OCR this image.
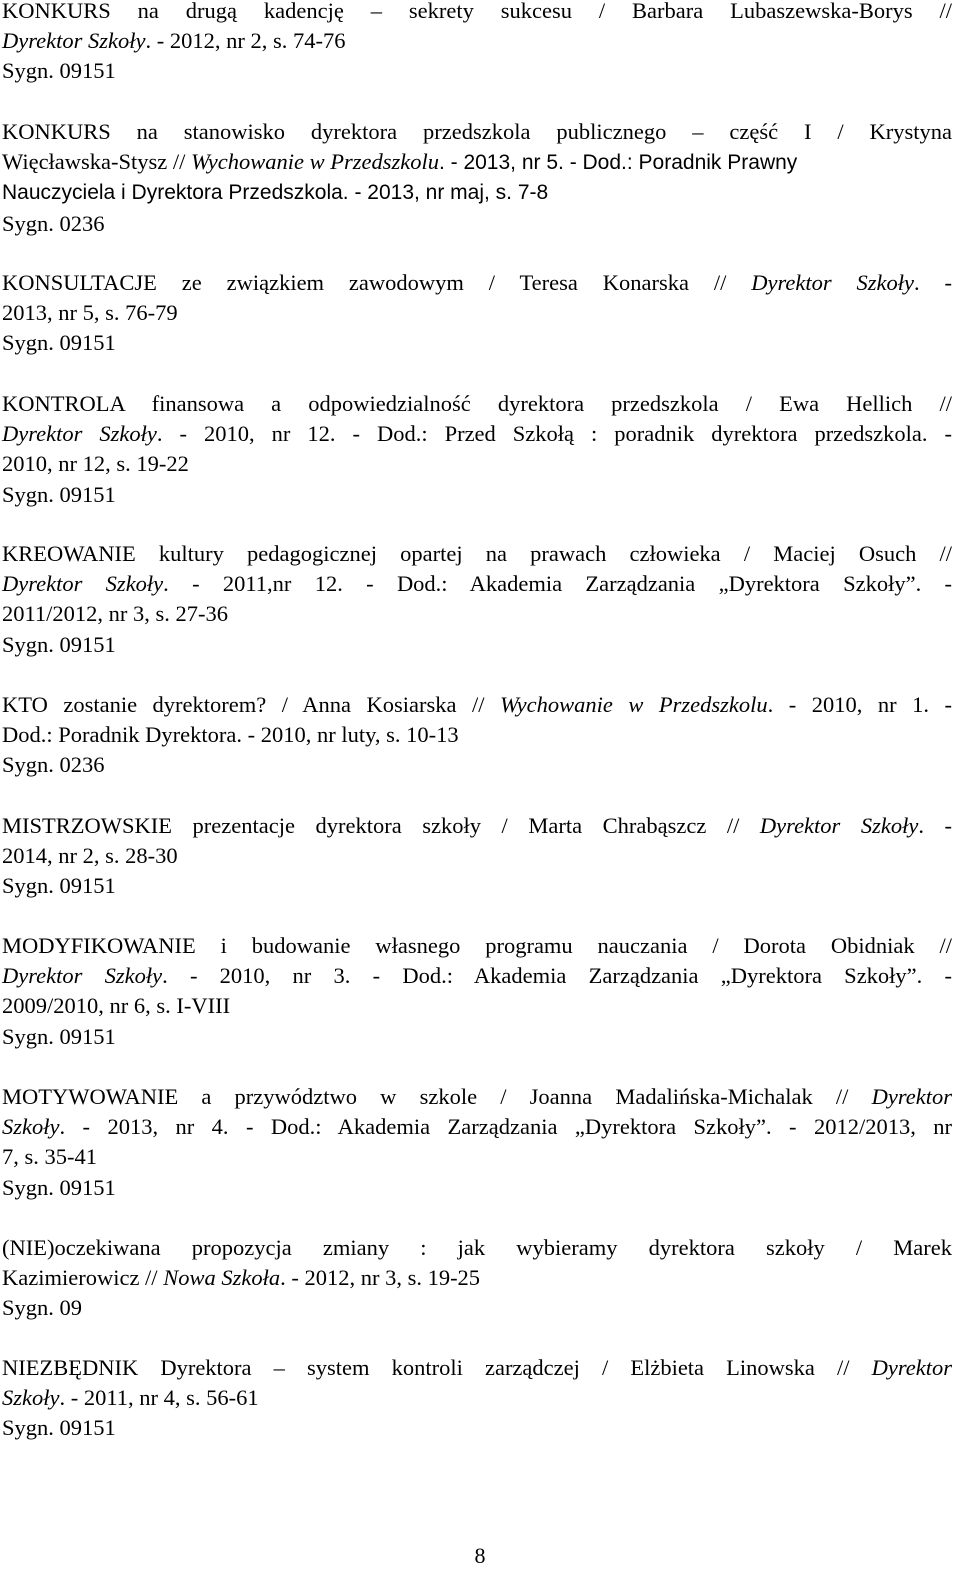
KONKURS na drugą kadencję – sekrety sukcesu / Barbara Lubaszewska-Borys //
Dyrektor Szkoły. - 2012, nr 2, s. 74-76
Sygn. 09151
KONKURS na stanowisko dyrektora przedszkola publicznego – część I / Krystyna
Więcławska-Stysz // Wychowanie w Przedszkolu. - 2013, nr 5. - Dod.: Poradnik Prawny
Nauczyciela i Dyrektora Przedszkola. - 2013, nr maj, s. 7-8
Sygn. 0236
KONSULTACJE ze związkiem zawodowym / Teresa Konarska // Dyrektor Szkoły. -
2013, nr 5, s. 76-79
Sygn. 09151
KONTROLA finansowa a odpowiedzialność dyrektora przedszkola / Ewa Hellich //
Dyrektor Szkoły. - 2010, nr 12. - Dod.: Przed Szkołą : poradnik dyrektora przedszkola. -
2010, nr 12, s. 19-22
Sygn. 09151
KREOWANIE kultury pedagogicznej opartej na prawach człowieka / Maciej Osuch //
Dyrektor Szkoły. - 2011,nr 12. - Dod.: Akademia Zarządzania „Dyrektora Szkoły”. -
2011/2012, nr 3, s. 27-36
Sygn. 09151
KTO zostanie dyrektorem? / Anna Kosiarska // Wychowanie w Przedszkolu. - 2010, nr 1. -
Dod.: Poradnik Dyrektora. - 2010, nr luty, s. 10-13
Sygn. 0236
MISTRZOWSKIE prezentacje dyrektora szkoły / Marta Chrabąszcz // Dyrektor Szkoły. -
2014, nr 2, s. 28-30
Sygn. 09151
MODYFIKOWANIE i budowanie własnego programu nauczania / Dorota Obidniak //
Dyrektor Szkoły. - 2010, nr 3. - Dod.: Akademia Zarządzania „Dyrektora Szkoły”. -
2009/2010, nr 6, s. I-VIII
Sygn. 09151
MOTYWOWANIE a przywództwo w szkole / Joanna Madalińska-Michalak // Dyrektor
Szkoły. - 2013, nr 4. - Dod.: Akademia Zarządzania „Dyrektora Szkoły”. - 2012/2013, nr
7, s. 35-41
Sygn. 09151
(NIE)oczekiwana propozycja zmiany : jak wybieramy dyrektora szkoły / Marek
Kazimierowicz // Nowa Szkoła. - 2012, nr 3, s. 19-25
Sygn. 09
NIEZBĘDNIK Dyrektora – system kontroli zarządczej / Elżbieta Linowska // Dyrektor
Szkoły. - 2011, nr 4, s. 56-61
Sygn. 09151
8
